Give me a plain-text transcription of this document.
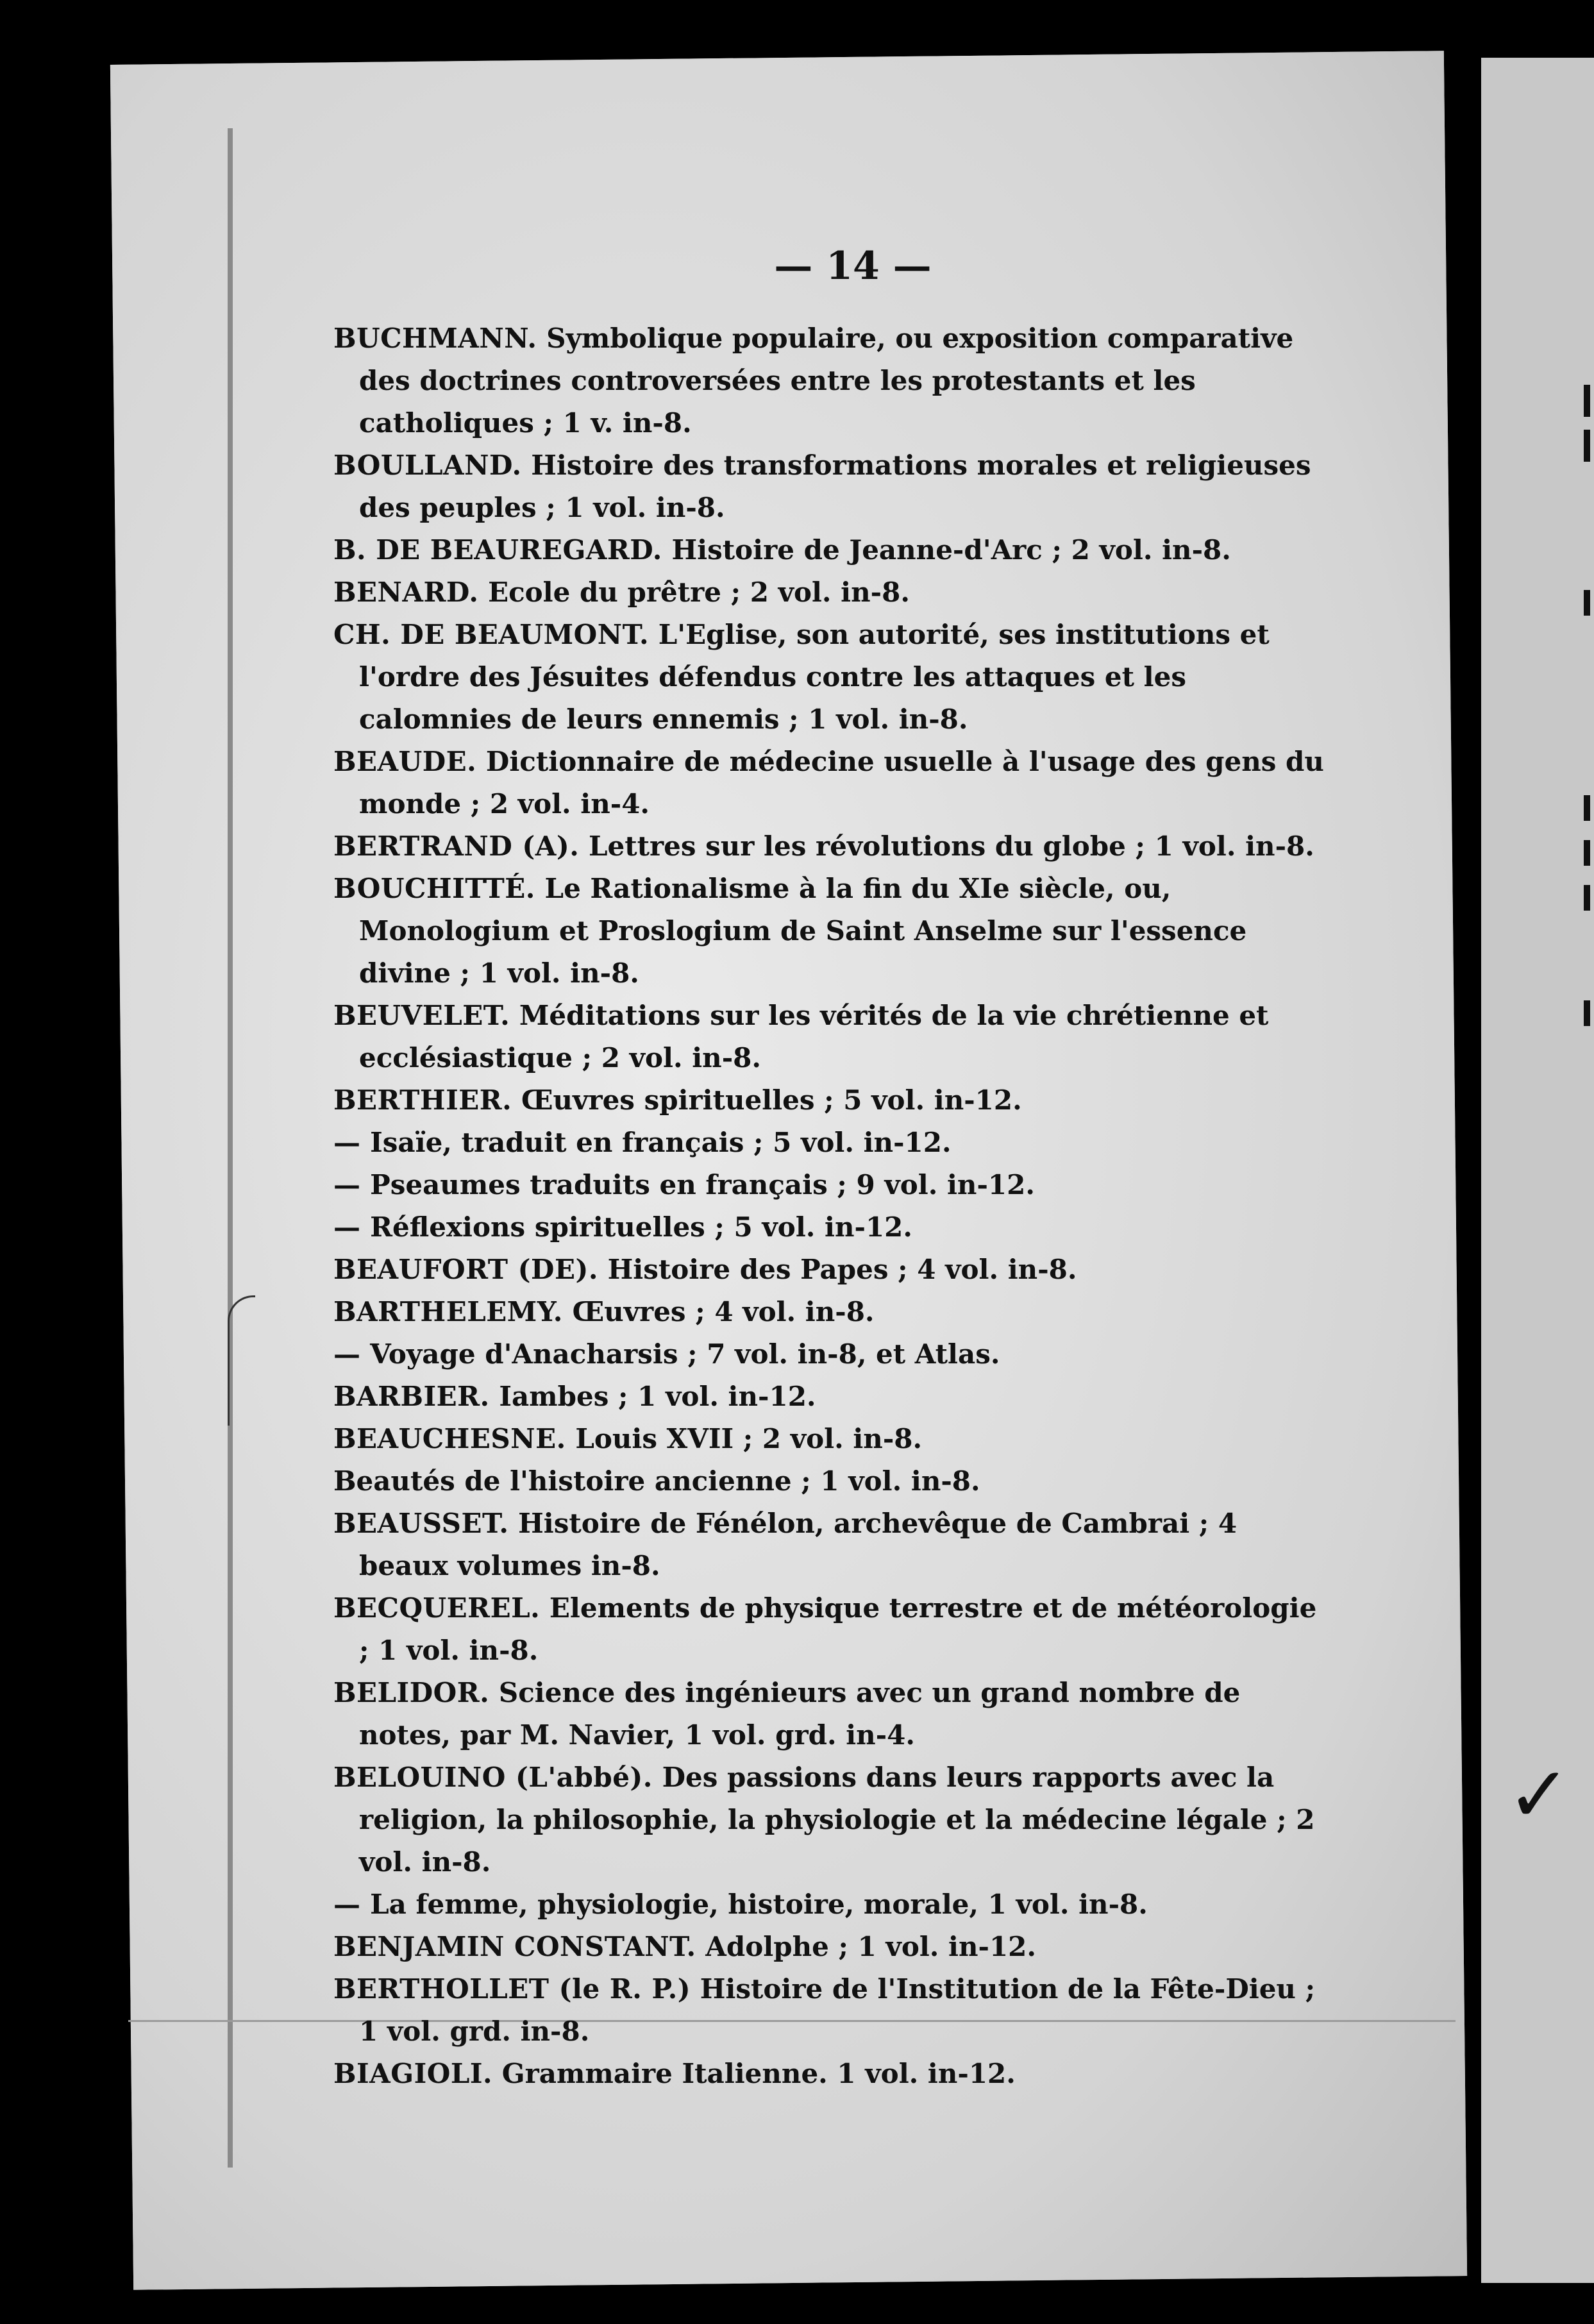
✓
— 14 —
BUCHMANN. Symbolique populaire, ou exposition comparative des doctrines controversées entre les protestants et les catholiques ; 1 v. in-8.
BOULLAND. Histoire des transformations morales et religieuses des peuples ; 1 vol. in-8.
B. DE BEAUREGARD. Histoire de Jeanne-d'Arc ; 2 vol. in-8.
BENARD. Ecole du prêtre ; 2 vol. in-8.
CH. DE BEAUMONT. L'Eglise, son autorité, ses institutions et l'ordre des Jésuites défendus contre les attaques et les calomnies de leurs ennemis ; 1 vol. in-8.
BEAUDE. Dictionnaire de médecine usuelle à l'usage des gens du monde ; 2 vol. in-4.
BERTRAND (A). Lettres sur les révolutions du globe ; 1 vol. in-8.
BOUCHITTÉ. Le Rationalisme à la fin du XIe siècle, ou, Monologium et Proslogium de Saint Anselme sur l'essence divine ; 1 vol. in-8.
BEUVELET. Méditations sur les vérités de la vie chrétienne et ecclésiastique ; 2 vol. in-8.
BERTHIER. Œuvres spirituelles ; 5 vol. in-12.
— Isaïe, traduit en français ; 5 vol. in-12.
— Pseaumes traduits en français ; 9 vol. in-12.
— Réflexions spirituelles ; 5 vol. in-12.
BEAUFORT (DE). Histoire des Papes ; 4 vol. in-8.
BARTHELEMY. Œuvres ; 4 vol. in-8.
— Voyage d'Anacharsis ; 7 vol. in-8, et Atlas.
BARBIER. Iambes ; 1 vol. in-12.
BEAUCHESNE. Louis XVII ; 2 vol. in-8.
Beautés de l'histoire ancienne ; 1 vol. in-8.
BEAUSSET. Histoire de Fénélon, archevêque de Cambrai ; 4 beaux volumes in-8.
BECQUEREL. Elements de physique terrestre et de météorologie ; 1 vol. in-8.
BELIDOR. Science des ingénieurs avec un grand nombre de notes, par M. Navier, 1 vol. grd. in-4.
BELOUINO (L'abbé). Des passions dans leurs rapports avec la religion, la philosophie, la physiologie et la médecine légale ; 2 vol. in-8.
— La femme, physiologie, histoire, morale, 1 vol. in-8.
BENJAMIN CONSTANT. Adolphe ; 1 vol. in-12.
BERTHOLLET (le R. P.) Histoire de l'Institution de la Fête-Dieu ; 1 vol. grd. in-8.
BIAGIOLI. Grammaire Italienne. 1 vol. in-12.
